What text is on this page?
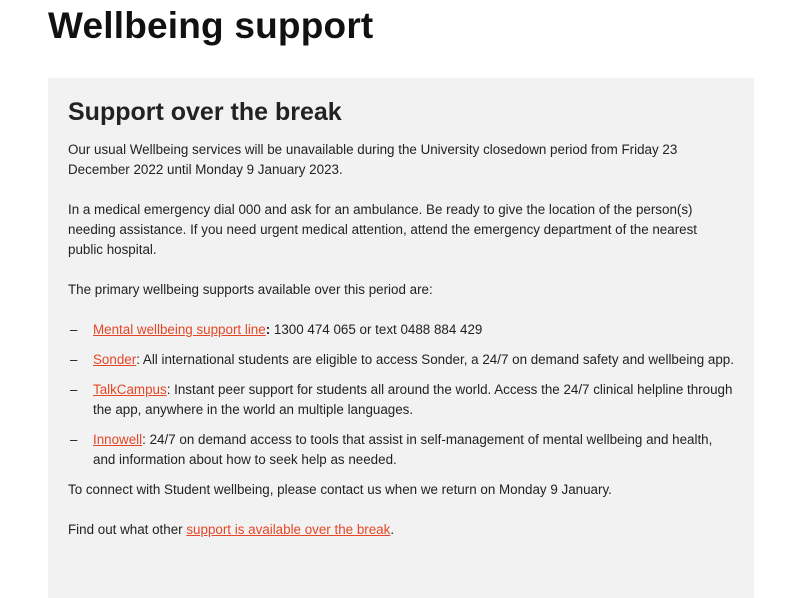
Wellbeing support
Support over the break

Our usual Wellbeing services will be unavailable during the University closedown period from Friday 23 December 2022 until Monday 9 January 2023.

In a medical emergency dial 000 and ask for an ambulance. Be ready to give the location of the person(s) needing assistance. If you need urgent medical attention, attend the emergency department of the nearest public hospital.

The primary wellbeing supports available over this period are:

– Mental wellbeing support line: 1300 474 065 or text 0488 884 429
– Sonder: All international students are eligible to access Sonder, a 24/7 on demand safety and wellbeing app.
– TalkCampus: Instant peer support for students all around the world. Access the 24/7 clinical helpline through the app, anywhere in the world an multiple languages.
– Innowell: 24/7 on demand access to tools that assist in self-management of mental wellbeing and health, and information about how to seek help as needed.

To connect with Student wellbeing, please contact us when we return on Monday 9 January.

Find out what other support is available over the break.
